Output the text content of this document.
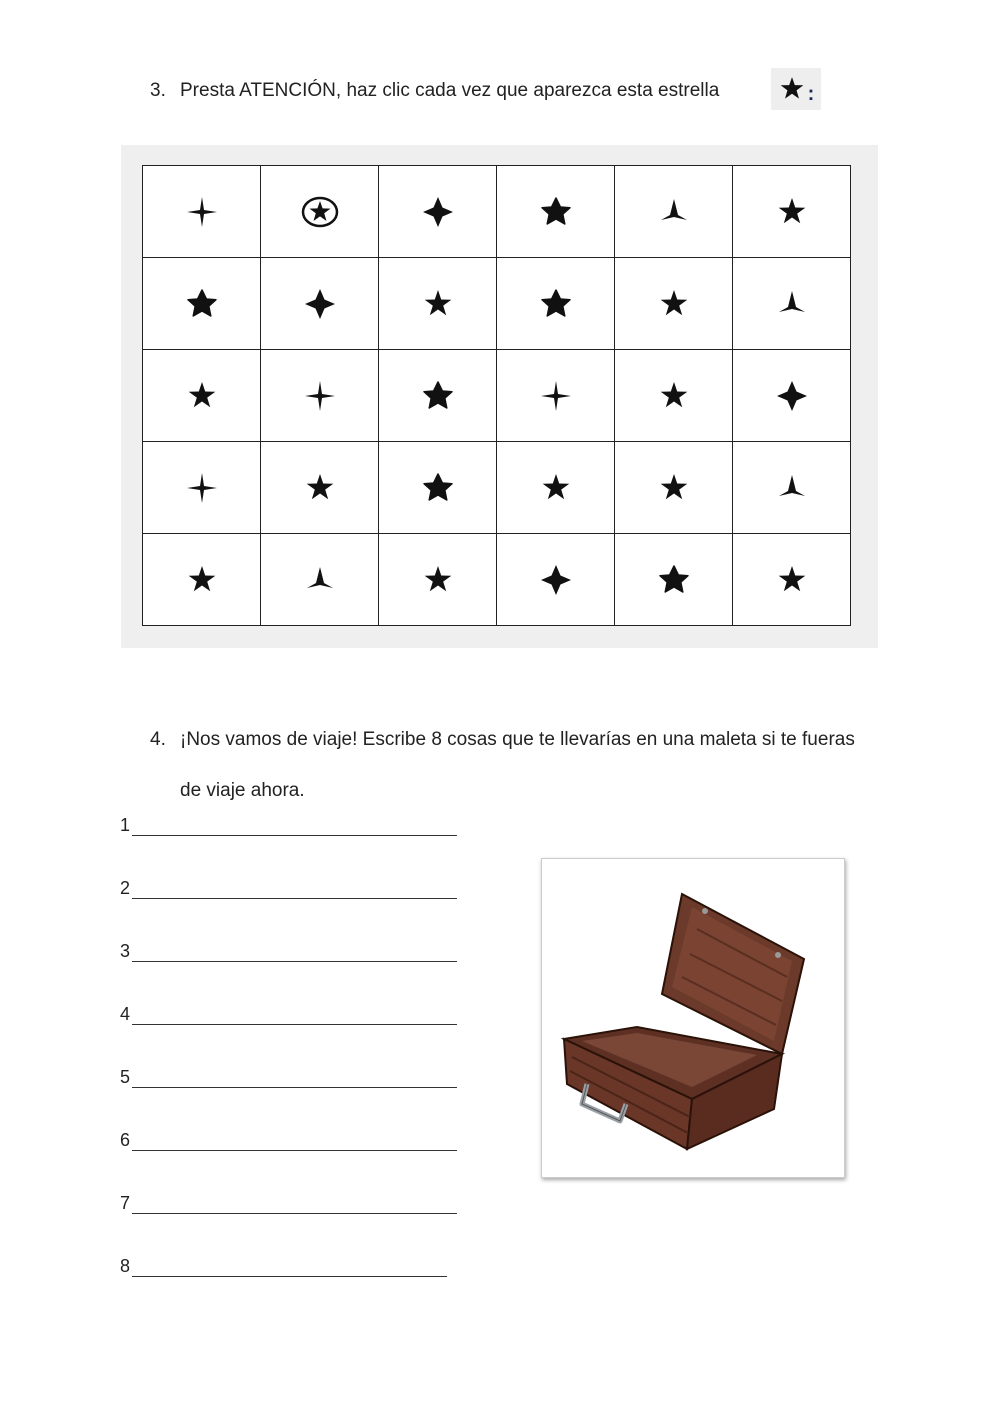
3. Presta ATENCIÓN, haz clic cada vez que aparezca esta estrella	:

4. ¡Nos vamos de viaje! Escribe 8 cosas que te llevarías en una maleta si te fueras
de viaje ahora.
1
2
3
4
5
6
7
8
